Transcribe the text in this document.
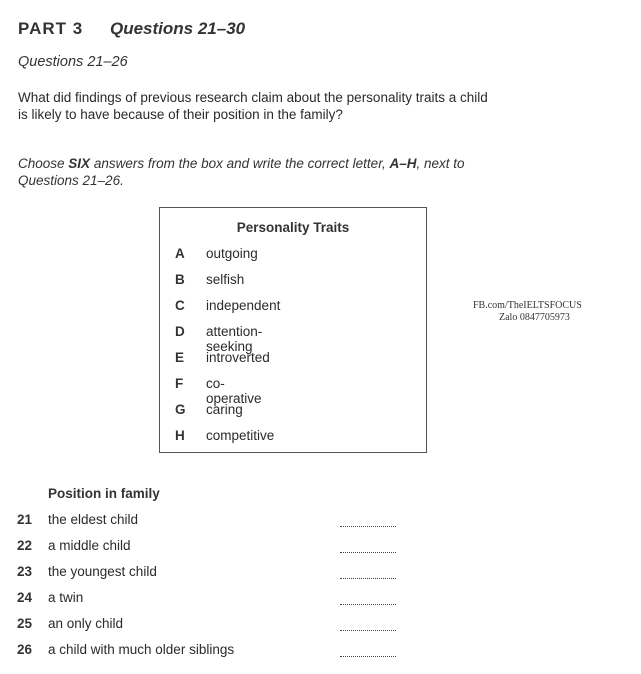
PART 3 Questions 21–30
Questions 21–26
What did findings of previous research claim about the personality traits a child is likely to have because of their position in the family?
Choose SIX answers from the box and write the correct letter, A–H, next to Questions 21–26.
Personality Traits
A outgoing
B selfish
C independent
D attention-seeking
E introverted
F co-operative
G caring
H competitive
FB.com/TheIELTSFOCUS
Zalo 0847705973
Position in family
21 the eldest child
22 a middle child
23 the youngest child
24 a twin
25 an only child
26 a child with much older siblings
